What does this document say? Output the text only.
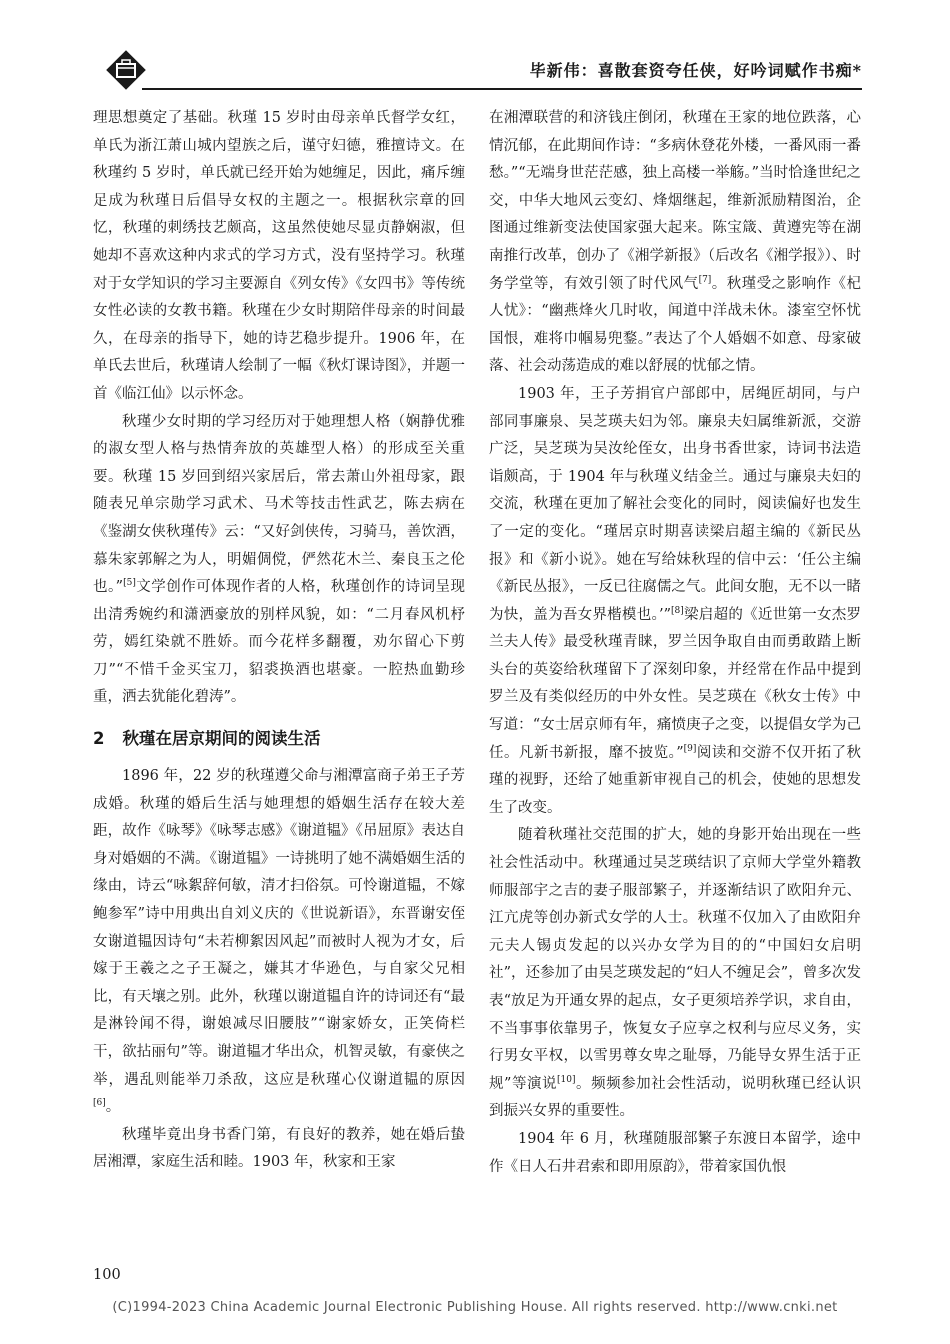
毕新伟：喜散套资夸任侠，好吟词赋作书痴*

理思想奠定了基础。秋瑾 15 岁时由母亲单氏督学女红，单氏为浙江萧山城内望族之后，谨守妇德，雅擅诗文。在秋瑾约 5 岁时，单氏就已经开始为她缠足，因此，痛斥缠足成为秋瑾日后倡导女权的主题之一。根据秋宗章的回忆，秋瑾的刺绣技艺颇高，这虽然使她尽显贞静娴淑，但她却不喜欢这种内求式的学习方式，没有坚持学习。秋瑾对于女学知识的学习主要源自《列女传》《女四书》等传统女性必读的女教书籍。秋瑾在少女时期陪伴母亲的时间最久，在母亲的指导下，她的诗艺稳步提升。1906 年，在单氏去世后，秋瑾请人绘制了一幅《秋灯课诗图》，并题一首《临江仙》以示怀念。

秋瑾少女时期的学习经历对于她理想人格（娴静优雅的淑女型人格与热情奔放的英雄型人格）的形成至关重要。秋瑾 15 岁回到绍兴家居后，常去萧山外祖母家，跟随表兄单宗勋学习武术、马术等技击性武艺，陈去病在《鉴湖女侠秋瑾传》云：“又好剑侠传，习骑马，善饮酒，慕朱家郭解之为人，明媚倜傥，俨然花木兰、秦良玉之伦也。”[5]文学创作可体现作者的人格，秋瑾创作的诗词呈现出清秀婉约和潇洒豪放的别样风貌，如：“二月春风机杼劳，嫣红染就不胜娇。而今花样多翻覆，劝尔留心下剪刀”“不惜千金买宝刀，貂裘换酒也堪豪。一腔热血勤珍重，洒去犹能化碧涛”。

2 秋瑾在居京期间的阅读生活

1896 年，22 岁的秋瑾遵父命与湘潭富商子弟王子芳成婚。秋瑾的婚后生活与她理想的婚姻生活存在较大差距，故作《咏琴》《咏琴志感》《谢道韫》《吊屈原》表达自身对婚姻的不满。《谢道韫》一诗挑明了她不满婚姻生活的缘由，诗云“咏絮辞何敏，清才扫俗氛。可怜谢道韫，不嫁鲍参军”诗中用典出自刘义庆的《世说新语》，东晋谢安侄女谢道韫因诗句“未若柳絮因风起”而被时人视为才女，后嫁于王羲之之子王凝之，嫌其才华逊色，与自家父兄相比，有天壤之别。此外，秋瑾以谢道韫自许的诗词还有“最是淋铃闻不得，谢娘减尽旧腰肢”“谢家娇女，正笑倚栏干，欲拈丽句”等。谢道韫才华出众，机智灵敏，有豪侠之举，遇乱则能举刀杀敌，这应是秋瑾心仪谢道韫的原因[6]。

秋瑾毕竟出身书香门第，有良好的教养，她在婚后蛰居湘潭，家庭生活和睦。1903 年，秋家和王家

在湘潭联营的和济钱庄倒闭，秋瑾在王家的地位跌落，心情沉郁，在此期间作诗：“多病休登花外楼，一番风雨一番愁。”“无端身世茫茫感，独上高楼一举觞。”当时恰逢世纪之交，中华大地风云变幻、烽烟继起，维新派励精图治，企图通过维新变法使国家强大起来。陈宝箴、黄遵宪等在湖南推行改革，创办了《湘学新报》（后改名《湘学报》）、时务学堂等，有效引领了时代风气[7]。秋瑾受之影响作《杞人忧》：“幽燕烽火几时收，闻道中洋战未休。漆室空怀忧国恨，难将巾帼易兜鍪。”表达了个人婚姻不如意、母家破落、社会动荡造成的难以舒展的忧郁之情。

1903 年，王子芳捐官户部郎中，居绳匠胡同，与户部同事廉泉、吴芝瑛夫妇为邻。廉泉夫妇属维新派，交游广泛，吴芝瑛为吴汝纶侄女，出身书香世家，诗词书法造诣颇高，于 1904 年与秋瑾义结金兰。通过与廉泉夫妇的交流，秋瑾在更加了解社会变化的同时，阅读偏好也发生了一定的变化。“瑾居京时期喜读梁启超主编的《新民丛报》和《新小说》。她在写给妹秋珵的信中云：‘任公主编《新民丛报》，一反已往腐儒之气。此间女胞，无不以一睹为快，盖为吾女界楷模也。’”[8]梁启超的《近世第一女杰罗兰夫人传》最受秋瑾青睐，罗兰因争取自由而勇敢踏上断头台的英姿给秋瑾留下了深刻印象，并经常在作品中提到罗兰及有类似经历的中外女性。吴芝瑛在《秋女士传》中写道：“女士居京师有年，痛愤庚子之变，以提倡女学为己任。凡新书新报，靡不披览。”[9]阅读和交游不仅开拓了秋瑾的视野，还给了她重新审视自己的机会，使她的思想发生了改变。

随着秋瑾社交范围的扩大，她的身影开始出现在一些社会性活动中。秋瑾通过吴芝瑛结识了京师大学堂外籍教师服部宇之吉的妻子服部繁子，并逐渐结识了欧阳弁元、江亢虎等创办新式女学的人士。秋瑾不仅加入了由欧阳弁元夫人锡贞发起的以兴办女学为目的的“中国妇女启明社”，还参加了由吴芝瑛发起的“妇人不缠足会”，曾多次发表“放足为开通女界的起点，女子更须培养学识，求自由，不当事事依靠男子，恢复女子应享之权利与应尽义务，实行男女平权，以雪男尊女卑之耻辱，乃能导女界生活于正规”等演说[10]。频频参加社会性活动，说明秋瑾已经认识到振兴女界的重要性。

1904 年 6 月，秋瑾随服部繁子东渡日本留学，途中作《日人石井君索和即用原韵》，带着家国仇恨

100
(C)1994-2023 China Academic Journal Electronic Publishing House. All rights reserved. http://www.cnki.net
